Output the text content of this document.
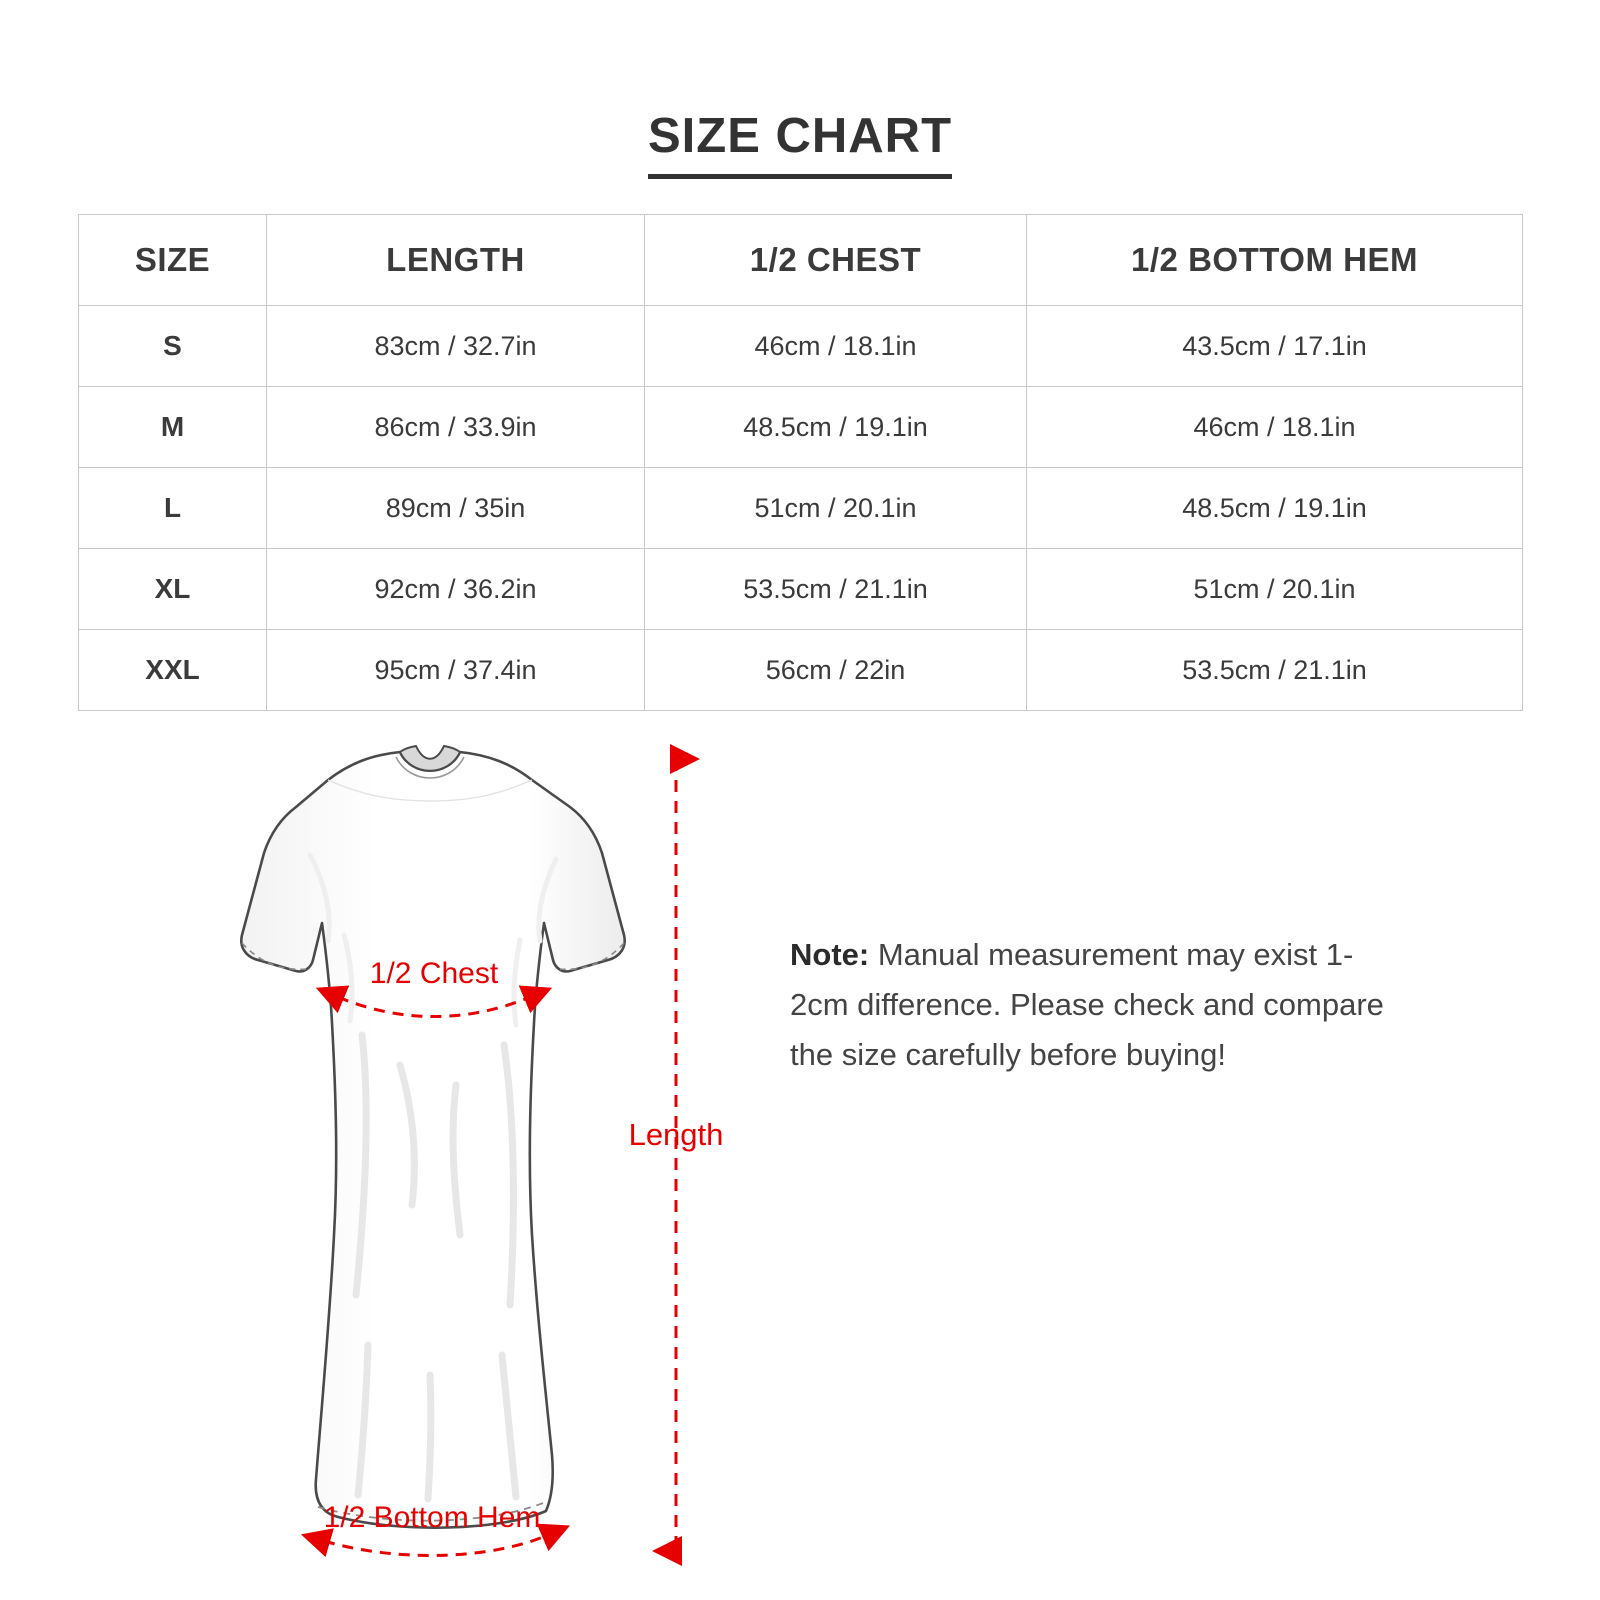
SIZE CHART
SIZE	LENGTH	1/2 CHEST	1/2 BOTTOM HEM
S	83cm / 32.7in	46cm / 18.1in	43.5cm / 17.1in
M	86cm / 33.9in	48.5cm / 19.1in	46cm / 18.1in
L	89cm / 35in	51cm / 20.1in	48.5cm / 19.1in
XL	92cm / 36.2in	53.5cm / 21.1in	51cm / 20.1in
XXL	95cm / 37.4in	56cm / 22in	53.5cm / 21.1in
1/2 Chest
1/2 Bottom Hem
Length
Note: Manual measurement may exist 1-2cm difference. Please check and compare the size carefully before buying!
